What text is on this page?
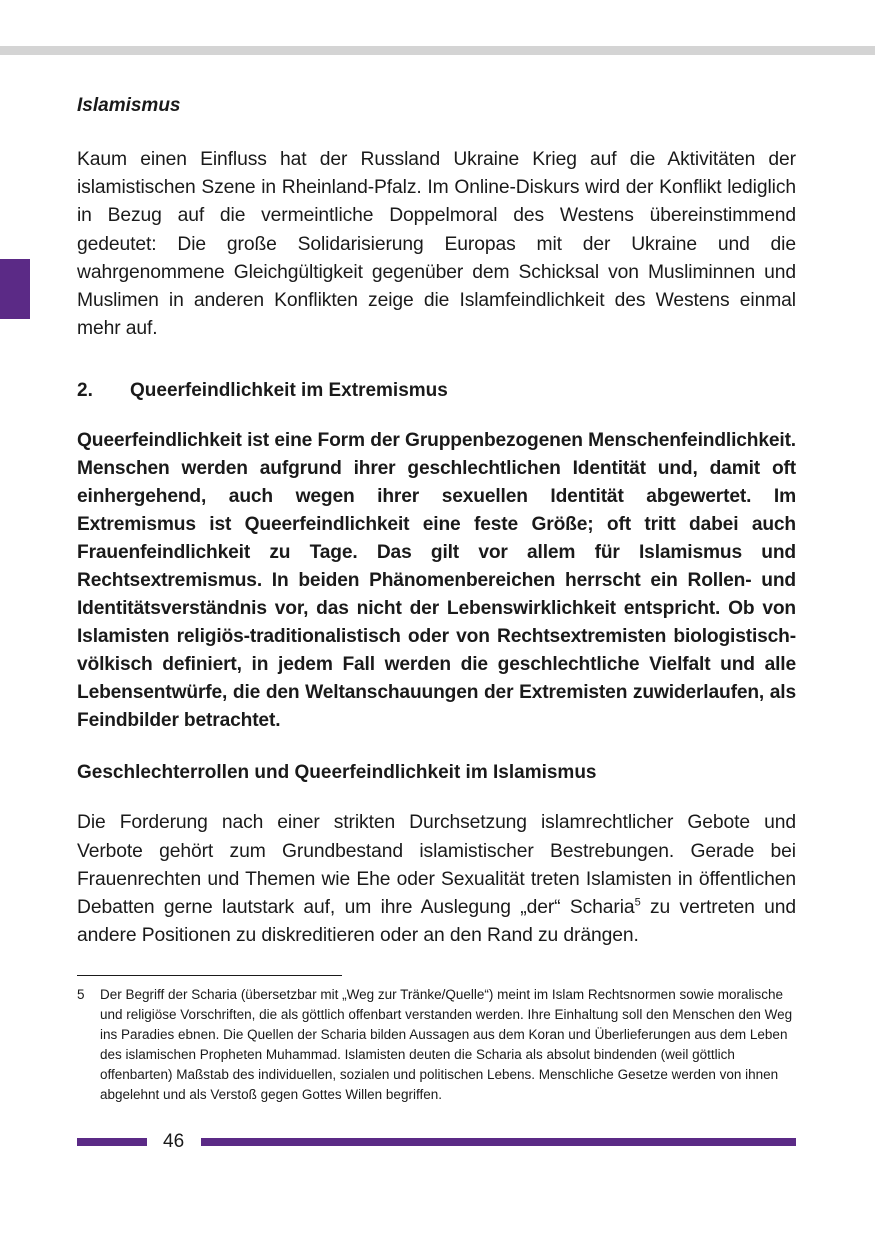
Islamismus

Kaum einen Einfluss hat der Russland Ukraine Krieg auf die Aktivitäten der islamistischen Szene in Rheinland-Pfalz. Im Online-Diskurs wird der Konflikt lediglich in Bezug auf die vermeintliche Doppelmoral des Westens übereinstimmend gedeutet: Die große Solidarisierung Europas mit der Ukraine und die wahrgenommene Gleichgültigkeit gegenüber dem Schicksal von Musliminnen und Muslimen in anderen Konflikten zeige die Islamfeindlichkeit des Westens einmal mehr auf.

2.	Queerfeindlichkeit im Extremismus

Queerfeindlichkeit ist eine Form der Gruppenbezogenen Menschenfeindlichkeit. Menschen werden aufgrund ihrer geschlechtlichen Identität und, damit oft einhergehend, auch wegen ihrer sexuellen Identität abgewertet. Im Extremismus ist Queerfeindlichkeit eine feste Größe; oft tritt dabei auch Frauenfeindlichkeit zu Tage. Das gilt vor allem für Islamismus und Rechtsextremismus. In beiden Phänomenbereichen herrscht ein Rollen- und Identitätsverständnis vor, das nicht der Lebenswirklichkeit entspricht. Ob von Islamisten religiös-traditionalistisch oder von Rechtsextremisten biologistisch-völkisch definiert, in jedem Fall werden die geschlechtliche Vielfalt und alle Lebensentwürfe, die den Weltanschauungen der Extremisten zuwiderlaufen, als Feindbilder betrachtet.

Geschlechterrollen und Queerfeindlichkeit im Islamismus

Die Forderung nach einer strikten Durchsetzung islamrechtlicher Gebote und Verbote gehört zum Grundbestand islamistischer Bestrebungen. Gerade bei Frauenrechten und Themen wie Ehe oder Sexualität treten Islamisten in öffentlichen Debatten gerne lautstark auf, um ihre Auslegung „der“ Scharia$^5$ zu vertreten und andere Positionen zu diskreditieren oder an den Rand zu drängen.

5	Der Begriff der Scharia (übersetzbar mit „Weg zur Tränke/Quelle“) meint im Islam Rechtsnormen sowie moralische und religiöse Vorschriften, die als göttlich offenbart verstanden werden. Ihre Einhaltung soll den Menschen den Weg ins Paradies ebnen. Die Quellen der Scharia bilden Aussagen aus dem Koran und Überlieferungen aus dem Leben des islamischen Propheten Muhammad. Islamisten deuten die Scharia als absolut bindenden (weil göttlich offenbarten) Maßstab des individuellen, sozialen und politischen Lebens. Menschliche Gesetze werden von ihnen abgelehnt und als Verstoß gegen Gottes Willen begriffen.
46
